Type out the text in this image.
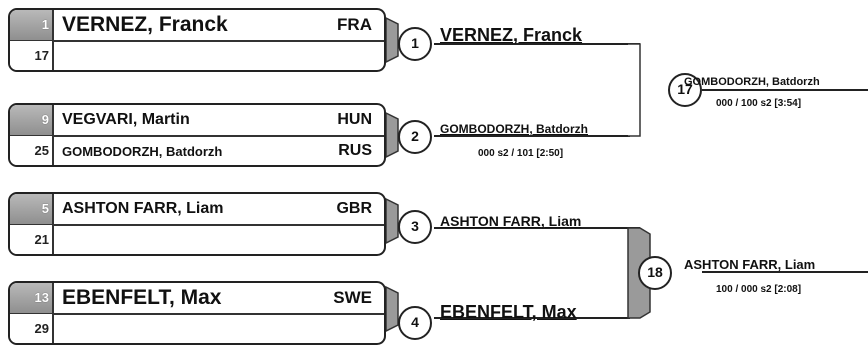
1 VERNEZ, Franck	FRA
17
9 VEGVARI, Martin	HUN
25	GOMBODORZH, Batdorzh	RUS
5 ASHTON FARR, Liam	GBR
21
13 EBENFELT, Max	SWE
29
1
2
3
4
17
18
VERNEZ, Franck
GOMBODORZH, Batdorzh
000 s2 / 101 [2:50]
ASHTON FARR, Liam
EBENFELT, Max
GOMBODORZH, Batdorzh
000 / 100 s2 [3:54]
ASHTON FARR, Liam
100 / 000 s2 [2:08]
